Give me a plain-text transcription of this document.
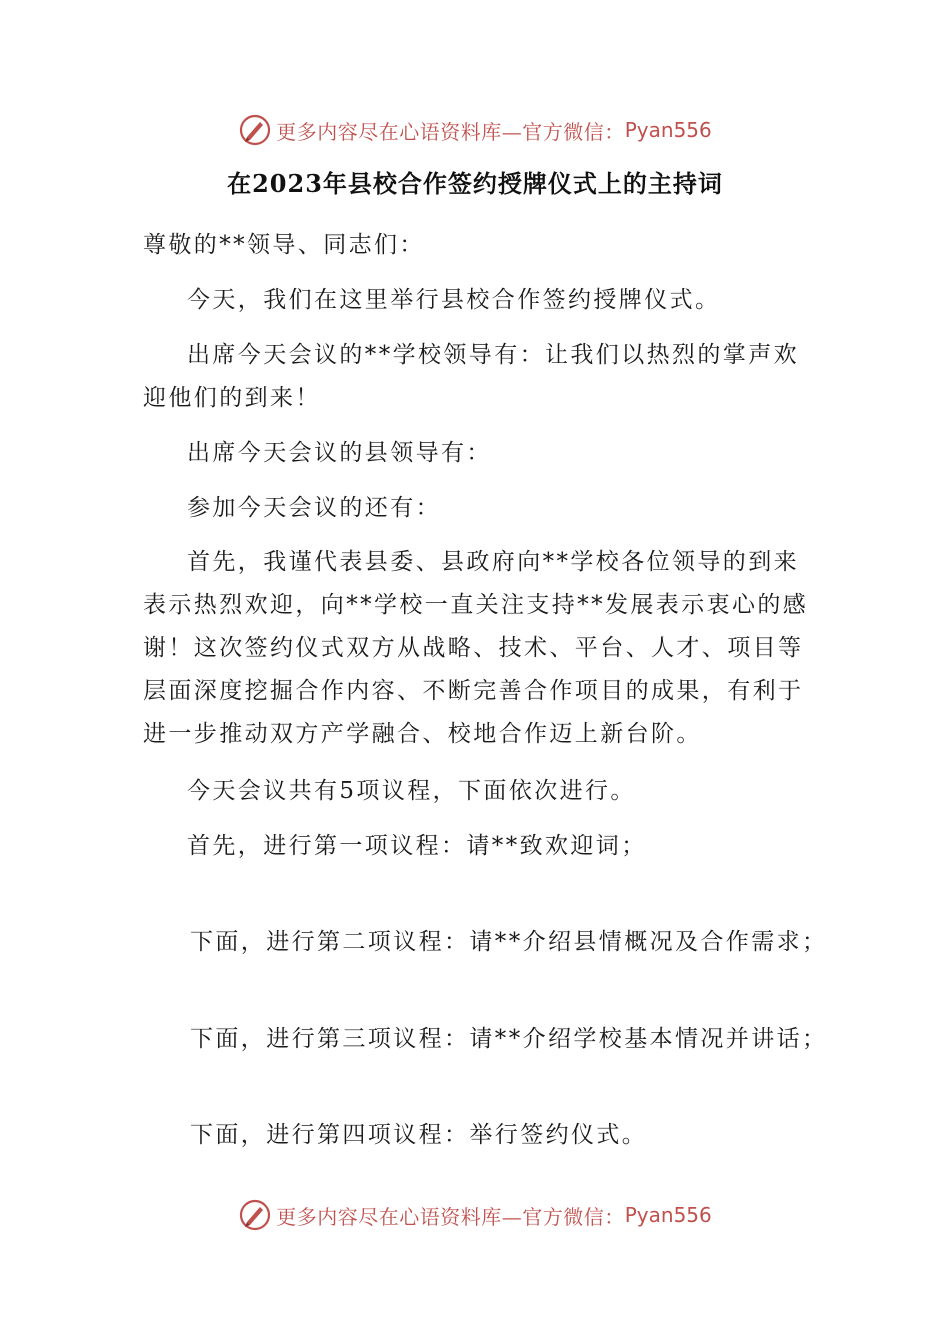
更多内容尽在心语资料库—官方微信： Pyan556
在2023年县校合作签约授牌仪式上的主持词
尊敬的**领导、同志们：
今天，我们在这里举行县校合作签约授牌仪式。
出席今天会议的**学校领导有：让我们以热烈的掌声欢迎他们的到来！
出席今天会议的县领导有：
参加今天会议的还有：
首先，我谨代表县委、县政府向**学校各位领导的到来表示热烈欢迎，向**学校一直关注支持**发展表示衷心的感谢！这次签约仪式双方从战略、技术、平台、人才、项目等层面深度挖掘合作内容、不断完善合作项目的成果，有利于进一步推动双方产学融合、校地合作迈上新台阶。
今天会议共有5项议程，下面依次进行。
首先，进行第一项议程：请**致欢迎词；
下面，进行第二项议程：请**介绍县情概况及合作需求；
下面，进行第三项议程：请**介绍学校基本情况并讲话；
下面，进行第四项议程：举行签约仪式。
更多内容尽在心语资料库—官方微信： Pyan556
